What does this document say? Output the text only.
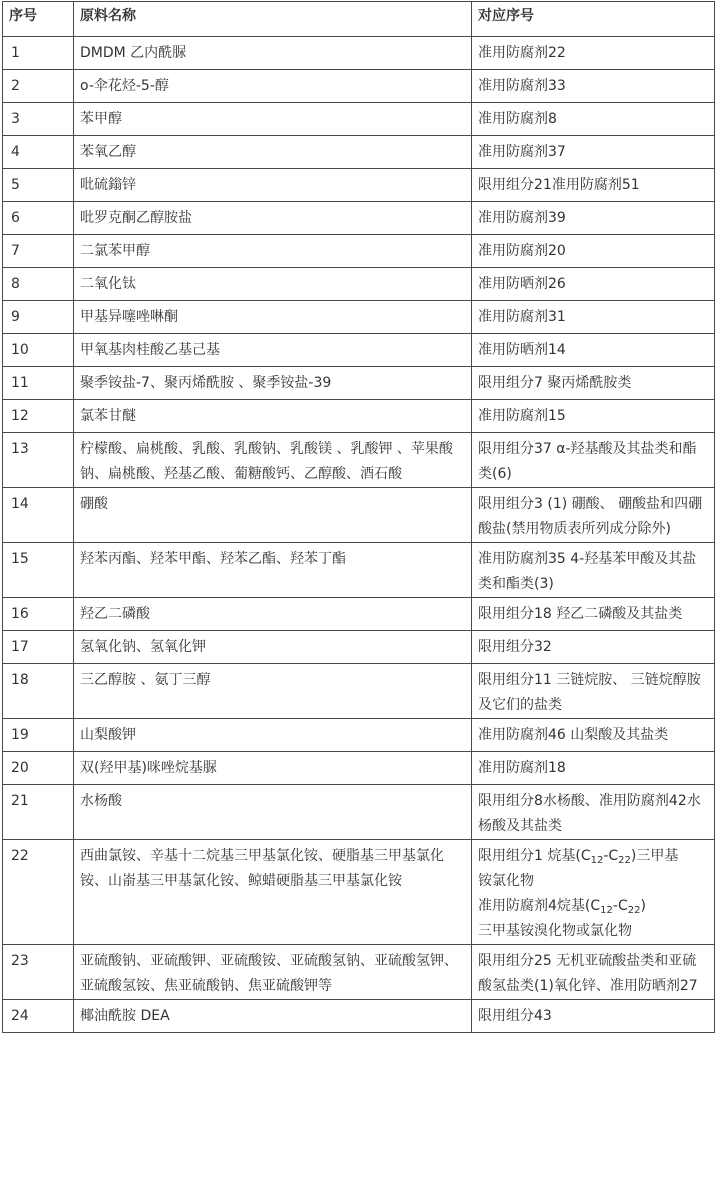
序号	原料名称	对应序号
1	DMDM 乙内酰脲	准用防腐剂22
2	o-伞花烃-5-醇	准用防腐剂33
3	苯甲醇	准用防腐剂8
4	苯氧乙醇	准用防腐剂37
5	吡硫鎓锌	限用组分21准用防腐剂51
6	吡罗克酮乙醇胺盐	准用防腐剂39
7	二氯苯甲醇	准用防腐剂20
8	二氧化钛	准用防晒剂26
9	甲基异噻唑啉酮	准用防腐剂31
10	甲氧基肉桂酸乙基己基	准用防晒剂14
11	聚季铵盐-7、聚丙烯酰胺 、聚季铵盐-39	限用组分7 聚丙烯酰胺类
12	氯苯甘醚	准用防腐剂15
13	柠檬酸、扁桃酸、乳酸、乳酸钠、乳酸镁 、乳酸钾 、苹果酸钠、扁桃酸、羟基乙酸、葡糖酸钙、乙醇酸、酒石酸	限用组分37 α-羟基酸及其盐类和酯类(6)
14	硼酸	限用组分3 (1) 硼酸、 硼酸盐和四硼酸盐(禁用物质表所列成分除外)
15	羟苯丙酯、羟苯甲酯、羟苯乙酯、羟苯丁酯	准用防腐剂35 4-羟基苯甲酸及其盐类和酯类(3)
16	羟乙二磷酸	限用组分18 羟乙二磷酸及其盐类
17	氢氧化钠、氢氧化钾	限用组分32
18	三乙醇胺 、氨丁三醇	限用组分11 三链烷胺、 三链烷醇胺及它们的盐类
19	山梨酸钾	准用防腐剂46 山梨酸及其盐类
20	双(羟甲基)咪唑烷基脲	准用防腐剂18
21	水杨酸	限用组分8水杨酸、准用防腐剂42水杨酸及其盐类
22	西曲氯铵、辛基十二烷基三甲基氯化铵、硬脂基三甲基氯化铵、山嵛基三甲基氯化铵、鲸蜡硬脂基三甲基氯化铵	限用组分1 烷基$(C_{12}-C_{22})$三甲基
铵氯化物
准用防腐剂4烷基$(C_{12}-C_{22})$
三甲基铵溴化物或氯化物

23	亚硫酸钠、亚硫酸钾、亚硫酸铵、亚硫酸氢钠、亚硫酸氢钾、亚硫酸氢铵、焦亚硫酸钠、焦亚硫酸钾等	限用组分25 无机亚硫酸盐类和亚硫酸氢盐类(1)氧化锌、准用防晒剂27
24	椰油酰胺 DEA	限用组分43
